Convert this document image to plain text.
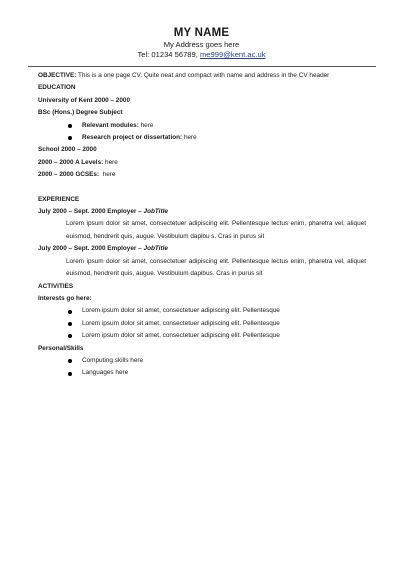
MY NAME
My Address goes here
Tel: 01234 56789, me999@kent.ac.uk
OBJECTIVE: This is a one page CV. Quite neat and compact with name and address in the CV header
EDUCATION
University of Kent 2000 – 2000
BSc (Hons.) Degree Subject
Relevant modules:
here
Research project or dissertation:
here
School 2000 – 2000
2000 – 2000 A Levels: here
2000 – 2000 GCSEs: here
EXPERIENCE
July 2000 – Sept. 2000 Employer – JobTitle
Lorem ipsum dolor sit amet, consectetuer adipiscing elit. Pellentesque lectus enim, pharetra vel, aliquet euismod, hendrerit quis, augue. Vestibulum dapibu s. Cras in purus sit
July 2000 – Sept. 2000 Employer – JobTitle
Lorem ipsum dolor sit amet, consectetuer adipiscing elit. Pellentesque lectus enim, pharetra vel, aliquet euismod, hendrerit quis, augue. Vestibulum dapibus. Cras in purus sit
ACTIVITIES
Interests go here:
Lorem ipsum dolor sit amet, consectetuer adipiscing elit. Pellentesque
Lorem ipsum dolor sit amet, consectetuer adipiscing elit. Pellentesque
Lorem ipsum dolor sit amet, consectetuer adipiscing elit. Pellentesque
Personal/Skills
Computing skills here
Languages here
